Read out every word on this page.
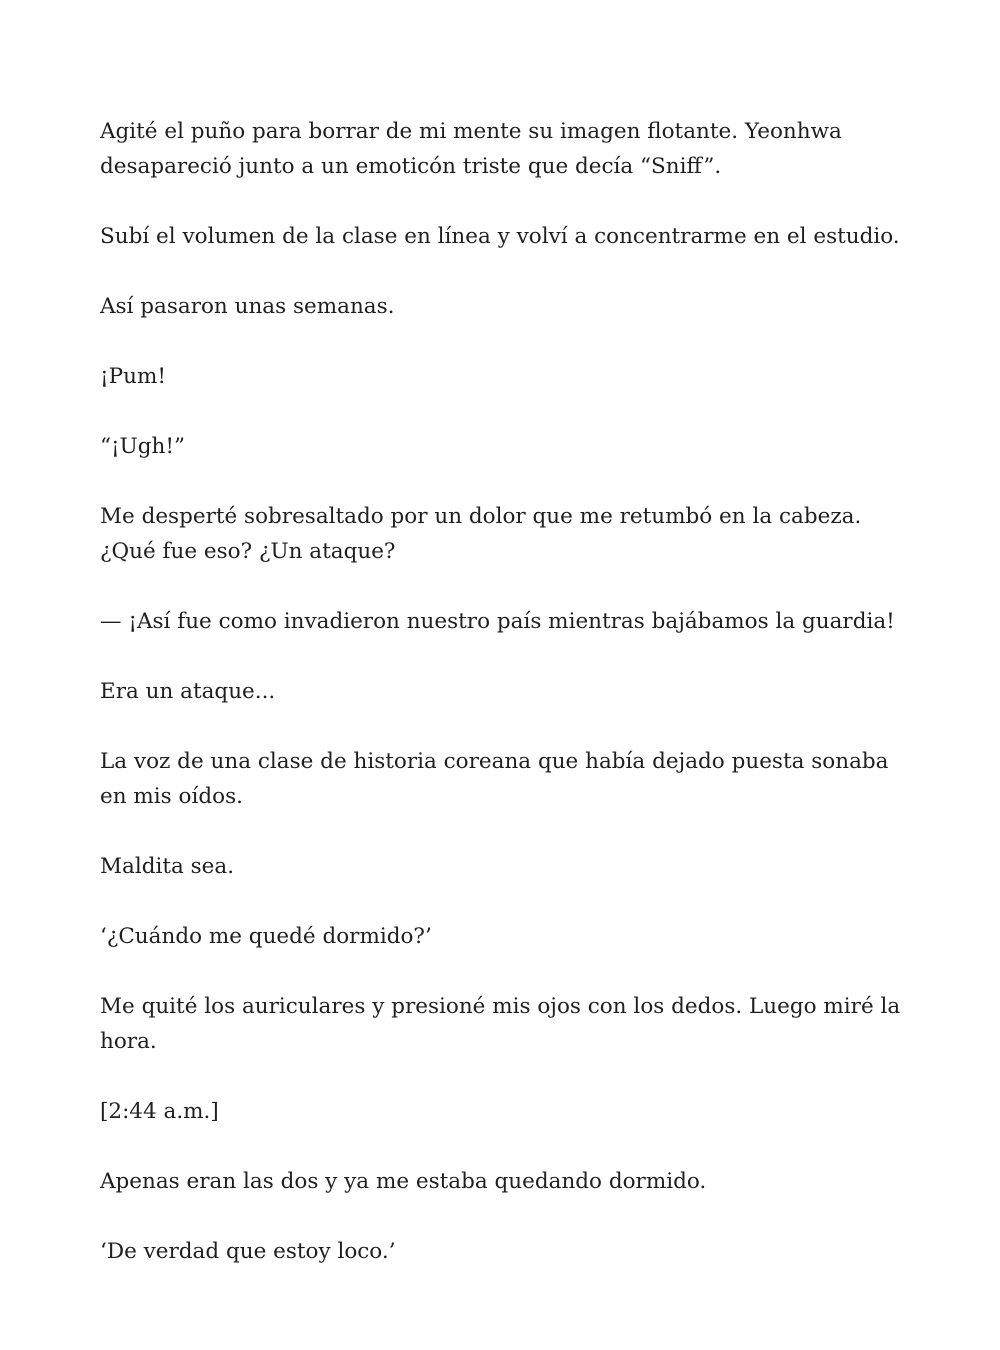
Agité el puño para borrar de mi mente su imagen flotante. Yeonhwa desapareció junto a un emoticón triste que decía “Sniff”.

Subí el volumen de la clase en línea y volví a concentrarme en el estudio.

Así pasaron unas semanas.

¡Pum!

“¡Ugh!”

Me desperté sobresaltado por un dolor que me retumbó en la cabeza. ¿Qué fue eso? ¿Un ataque?

— ¡Así fue como invadieron nuestro país mientras bajábamos la guardia!

Era un ataque...

La voz de una clase de historia coreana que había dejado puesta sonaba en mis oídos.

Maldita sea.

‘¿Cuándo me quedé dormido?’

Me quité los auriculares y presioné mis ojos con los dedos. Luego miré la hora.

[2:44 a.m.]

Apenas eran las dos y ya me estaba quedando dormido.

‘De verdad que estoy loco.’
